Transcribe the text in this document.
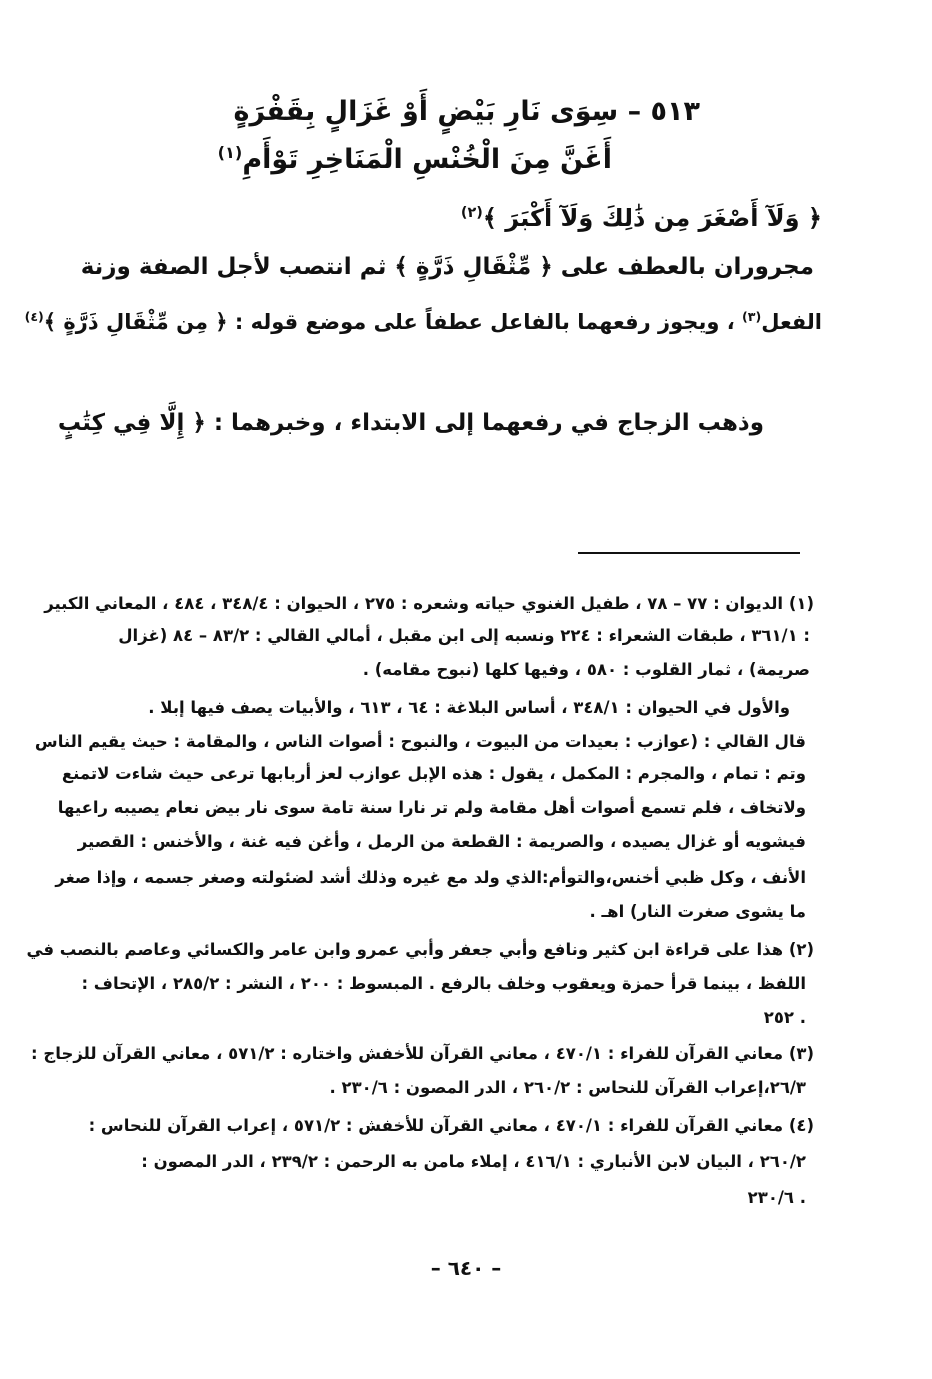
٥١٣ – سِوَى نَارِ بَيْضٍ أَوْ غَزَالٍ بِقَفْرَةٍ
أَغَنَّ مِنَ الْخُنْسِ الْمَنَاخِرِ تَوْأَمِ$^{(١)}$
﴿ وَلَآ أَصْغَرَ مِن ذَٰلِكَ وَلَآ أَكْبَرَ ﴾$^{(٢)}$
مجروران بالعطف على ﴿ مِّثْقَالِ ذَرَّةٍ ﴾ ثم انتصب لأجل الصفة وزنة
الفعل$^{(٣)}$ ، ويجوز رفعهما بالفاعل عطفاً على موضع قوله : ﴿ مِن مِّثْقَالِ ذَرَّةٍ ﴾$^{(٤)}$
وذهب الزجاج في رفعهما إلى الابتداء ، وخبرهما : ﴿ إِلَّا فِي كِتَٰبٍ
(١) الديوان : ٧٧ – ٧٨ ، طفيل الغنوي حياته وشعره : ٢٧٥ ، الحيوان : ٣٤٨/٤ ، ٤٨٤ ، المعاني الكبير
: ٣٦١/١ ، طبقات الشعراء : ٢٢٤ ونسبه إلى ابن مقبل ، أمالي القالي : ٨٣/٢ – ٨٤ (غزال
صريمة) ، ثمار القلوب : ٥٨٠ ، وفيها كلها (نبوح مقامه) .
والأول في الحيوان : ٣٤٨/١ ، أساس البلاغة : ٦٤ ، ٦١٣ ، والأبيات يصف فيها إبلا .
قال القالي : (عوازب : بعيدات من البيوت ، والنبوح : أصوات الناس ، والمقامة : حيث يقيم الناس
وتم : تمام ، والمجرم : المكمل ، يقول : هذه الإبل عوازب لعز أربابها ترعى حيث شاءت لاتمنع
ولاتخاف ، فلم تسمع أصوات أهل مقامة ولم تر نارا سنة تامة سوى نار بيض نعام يصيبه راعيها
فيشويه أو غزال يصيده ، والصريمة : القطعة من الرمل ، وأغن فيه غنة ، والأخنس : القصير
الأنف ، وكل ظبي أخنس،والتوأم:الذي ولد مع غيره وذلك أشد لضئولته وصغر جسمه ، وإذا صغر
ما يشوى صغرت النار) اهـ .
(٢) هذا على قراءة ابن كثير ونافع وأبي جعفر وأبي عمرو وابن عامر والكسائي وعاصم بالنصب في
اللفظ ، بينما قرأ حمزة ويعقوب وخلف بالرفع . المبسوط : ٢٠٠ ، النشر : ٢٨٥/٢ ، الإتحاف :
٢٥٢ .
(٣) معاني القرآن للفراء : ٤٧٠/١ ، معاني القرآن للأخفش واختاره : ٥٧١/٢ ، معاني القرآن للزجاج :
٢٦/٣،إعراب القرآن للنحاس : ٢٦٠/٢ ، الدر المصون : ٢٣٠/٦ .
(٤) معاني القرآن للفراء : ٤٧٠/١ ، معاني القرآن للأخفش : ٥٧١/٢ ، إعراب القرآن للنحاس :
٢٦٠/٢ ، البيان لابن الأنباري : ٤١٦/١ ، إملاء مامن به الرحمن : ٢٣٩/٢ ، الدر المصون :
٢٣٠/٦ .
– ٦٤٠ –
